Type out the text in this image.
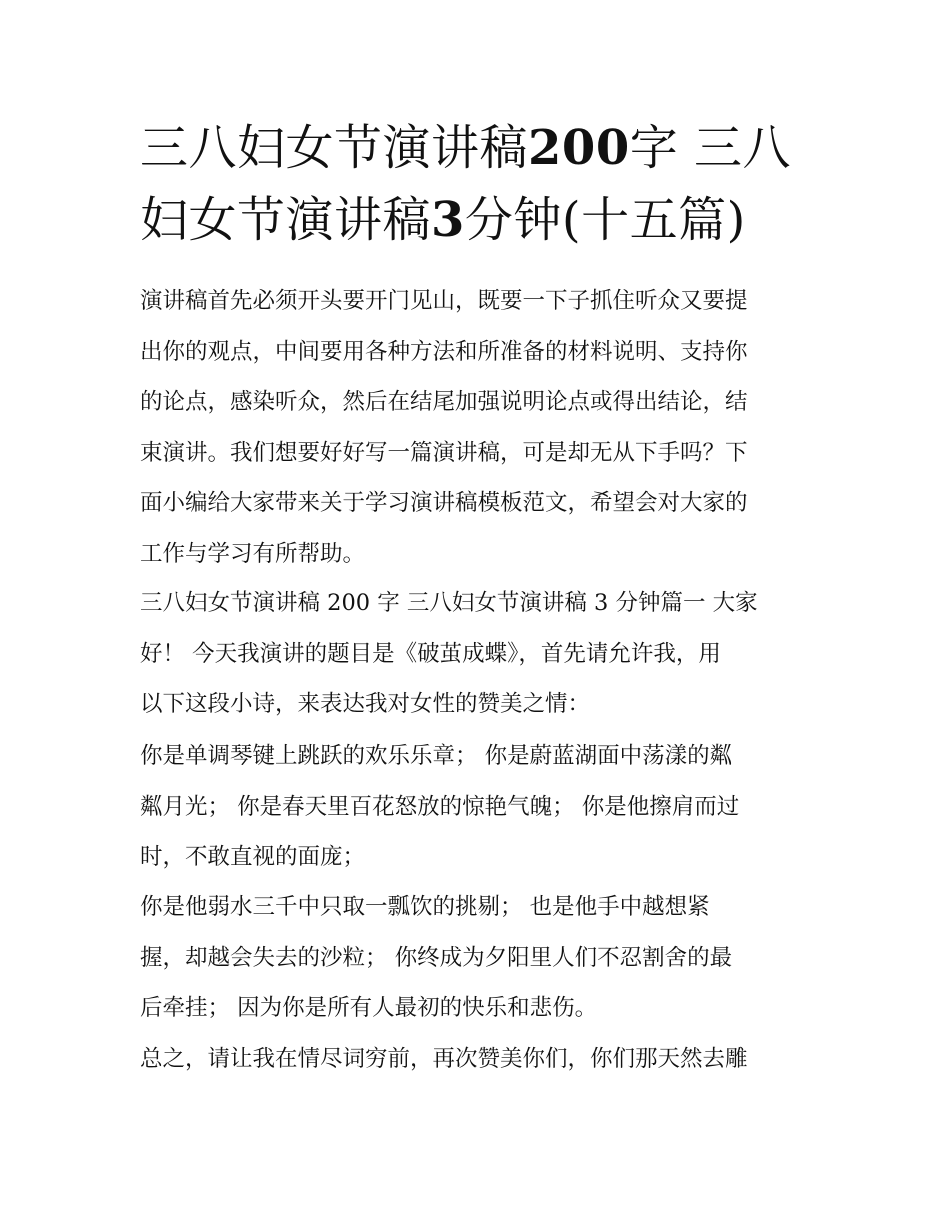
三八妇女节演讲稿200字 三八
妇女节演讲稿3分钟(十五篇)

演讲稿首先必须开头要开门见山，既要一下子抓住听众又要提
出你的观点，中间要用各种方法和所准备的材料说明、支持你
的论点，感染听众，然后在结尾加强说明论点或得出结论，结
束演讲。我们想要好好写一篇演讲稿，可是却无从下手吗？下
面小编给大家带来关于学习演讲稿模板范文，希望会对大家的
工作与学习有所帮助。

三八妇女节演讲稿 200 字 三八妇女节演讲稿 3 分钟篇一 大家
好！ 今天我演讲的题目是《破茧成蝶》，首先请允许我，用
以下这段小诗，来表达我对女性的赞美之情：

你是单调琴键上跳跃的欢乐乐章； 你是蔚蓝湖面中荡漾的粼
粼月光； 你是春天里百花怒放的惊艳气魄； 你是他擦肩而过
时，不敢直视的面庞；

你是他弱水三千中只取一瓢饮的挑剔； 也是他手中越想紧
握，却越会失去的沙粒； 你终成为夕阳里人们不忍割舍的最
后牵挂； 因为你是所有人最初的快乐和悲伤。

总之，请让我在情尽词穷前，再次赞美你们，你们那天然去雕
